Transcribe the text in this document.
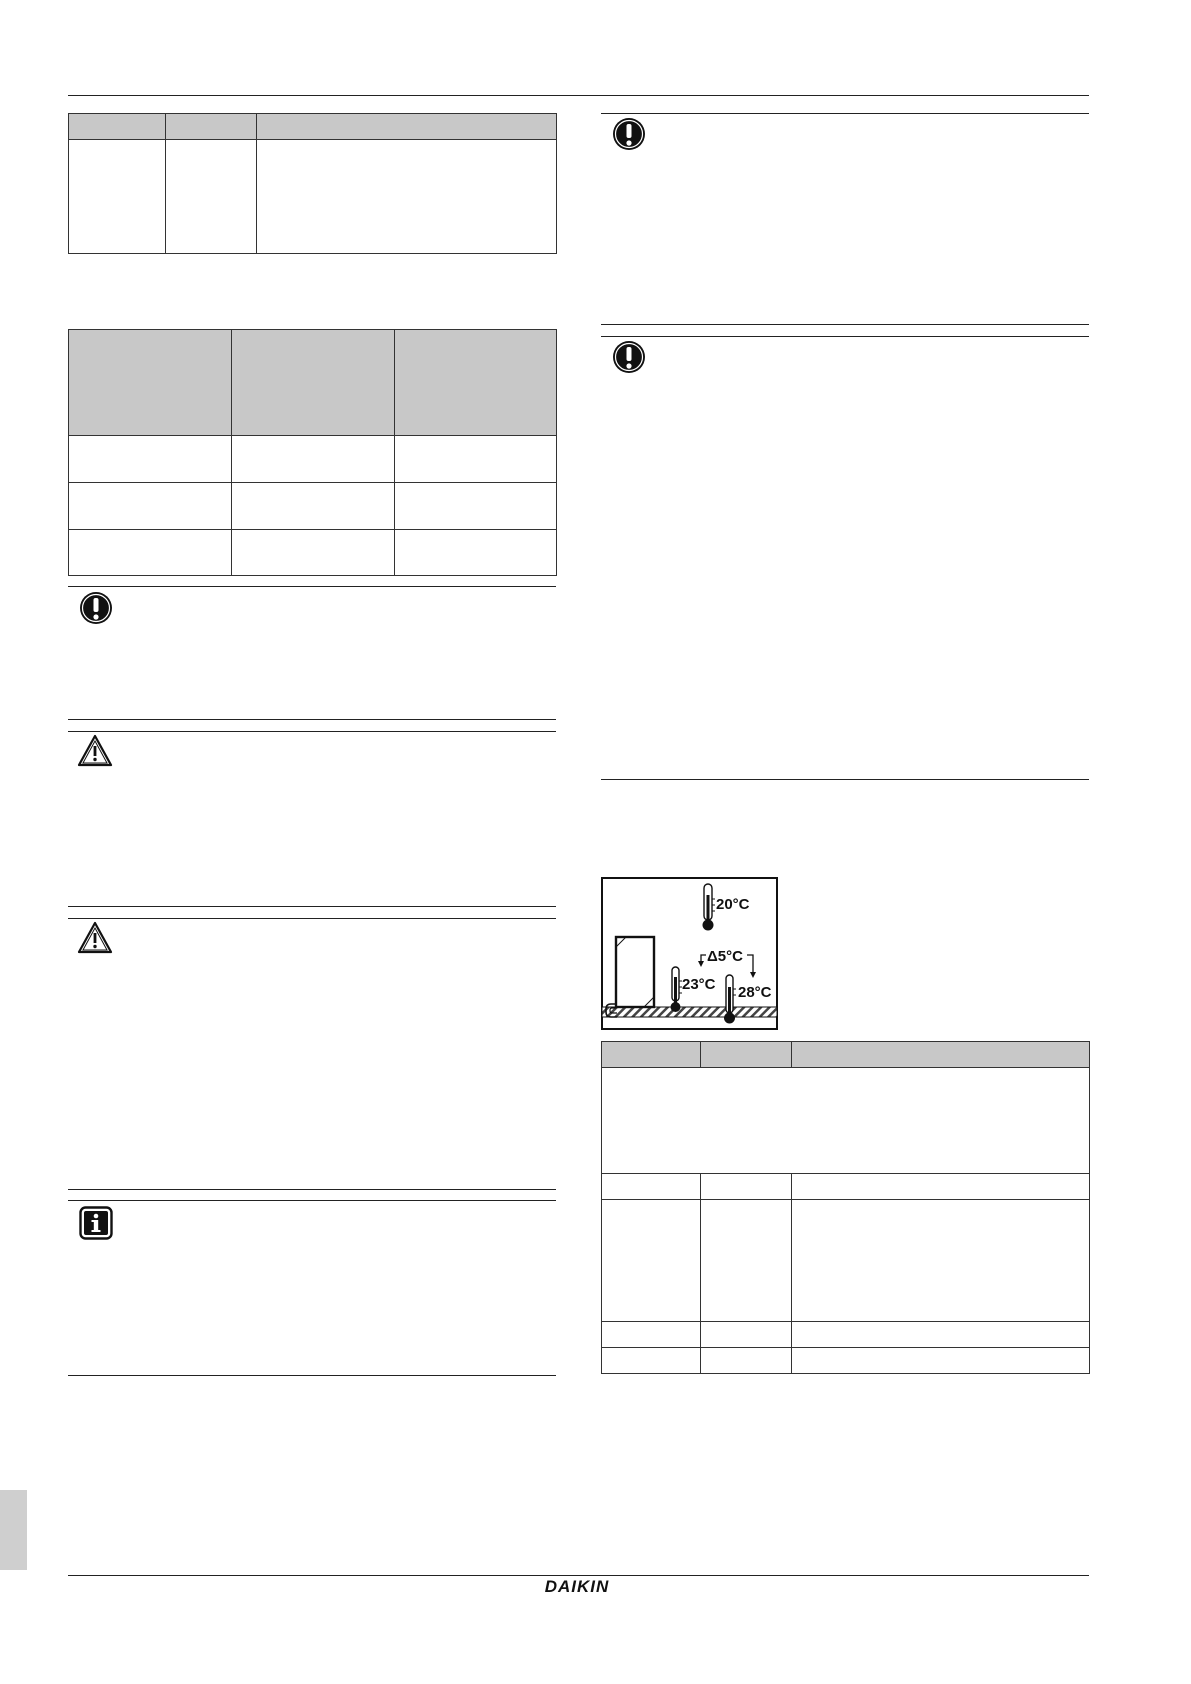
20°C
Δ5°C
23°C 28°C

DAIKIN
